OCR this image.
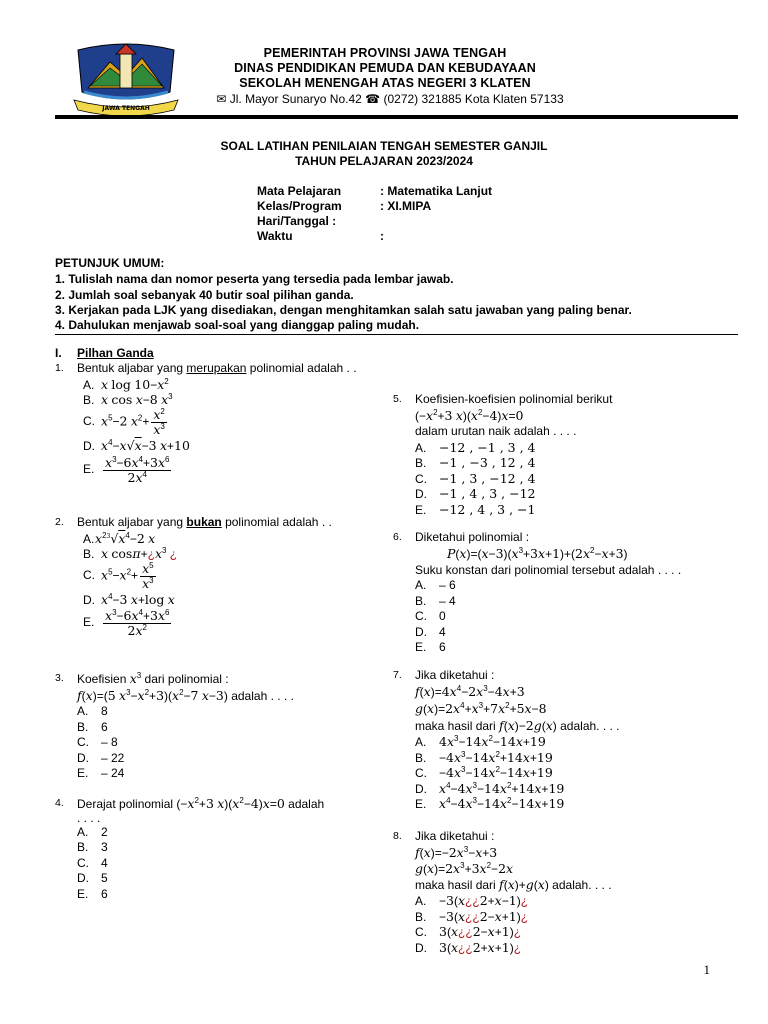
JAWA TENGAH
PEMERINTAH PROVINSI JAWA TENGAH
DINAS PENDIDIKAN PEMUDA DAN KEBUDAYAAN
SEKOLAH MENENGAH ATAS NEGERI 3 KLATEN
✉ Jl. Mayor Sunaryo No.42 ☎ (0272) 321885 Kota Klaten 57133
SOAL LATIHAN PENILAIAN TENGAH SEMESTER GANJIL
TAHUN PELAJARAN 2023/2024
Mata Pelajaran	: Matematika Lanjut
Kelas/Program	: XI.MIPA
Hari/Tanggal :
Waktu	:
PETUNJUK UMUM:
1. Tulislah nama dan nomor peserta yang tersedia pada lembar jawab.
2. Jumlah soal sebanyak 40 butir soal pilihan ganda.
3. Kerjakan pada LJK yang disediakan, dengan menghitamkan salah satu jawaban yang paling benar.
4. Dahulukan menjawab soal-soal yang dianggap paling mudah.
I. Pilhan Ganda
1.	Bentuk aljabar yang merupakan polinomial adalah . .
A. x $\log 10-x^2$
B. x cos x−8 $x^3$
C. $x^5-2$ $x^2+ \frac{x^2}{x^3}$
D. $x^4-x√x-3$ x+10
E. $\frac{x^3-6x^4+3x^6}{2x^4}$
2.	Bentuk aljabar yang bukan polinomial adalah . .
$A.x^{23}√x^4-2$ x
B. x $\cos\pi+¿x^3$ ¿
C. $x^5-x^2+ \frac{x^5}{x^3}$
D. $x^4-3$ x+log x
E. $\frac{x^3-6x^4+3x^6}{2x^2}$
3.	Koefisien $x^3$ dari polinomial :
f(x)=(5 $x^3-x^2+3)(x^2-7$ x−3) adalah . . . .
A. 8
B. 6
C. – 8
D. – 22
E. – 24
4.	Derajat polinomial ($-x^2+3$ $x)(x^2-4)x=0$ adalah
. . . .
A. 2
B. 3
C. 4
D. 5
E. 6
5.	Koefisien-koefisien polinomial berikut
($-x^2+3$ $x)(x^2-4)x=0$
dalam urutan naik adalah . . . .
A. −12 , −1 , 3 , 4
B. −1 , −3 , 12 , 4
C. −1 , 3 , −12 , 4
D. −1 , 4 , 3 , −12
E. −12 , 4 , 3 , −1
6.	Diketahui polinomial :
$P(x)=(x-3)(x^3+3x+1)+(2x^2-x+3)$
Suku konstan dari polinomial tersebut adalah . . . .
A. – 6
B. – 4
C. 0
D. 4
E. 6
7.	Jika diketahui :
$f(x)=4x^4-2x^3-4x+3$
$g(x)=2x^4+x^3+7x^2+5x-8$
maka hasil dari f(x)−2g(x) adalah. . . .
A. $4x^3-14x^2-14x+19$
B. $-4x^3-14x^2+14x+19$
C. $-4x^3-14x^2-14x+19$
D. $x^4-4x^3-14x^2+14x+19$
E. $x^4-4x^3-14x^2-14x+19$
8.	Jika diketahui :
$f(x)=-2x^3-x+3$
$g(x)=2x^3+3x^2-2x$
maka hasil dari f(x)+g(x) adalah. . . .
A. −3(x¿¿2+x−1)¿
B. −3(x¿¿2−x+1)¿
C. 3(x¿¿2−x+1)¿
D. 3(x¿¿2+x+1)¿
1
